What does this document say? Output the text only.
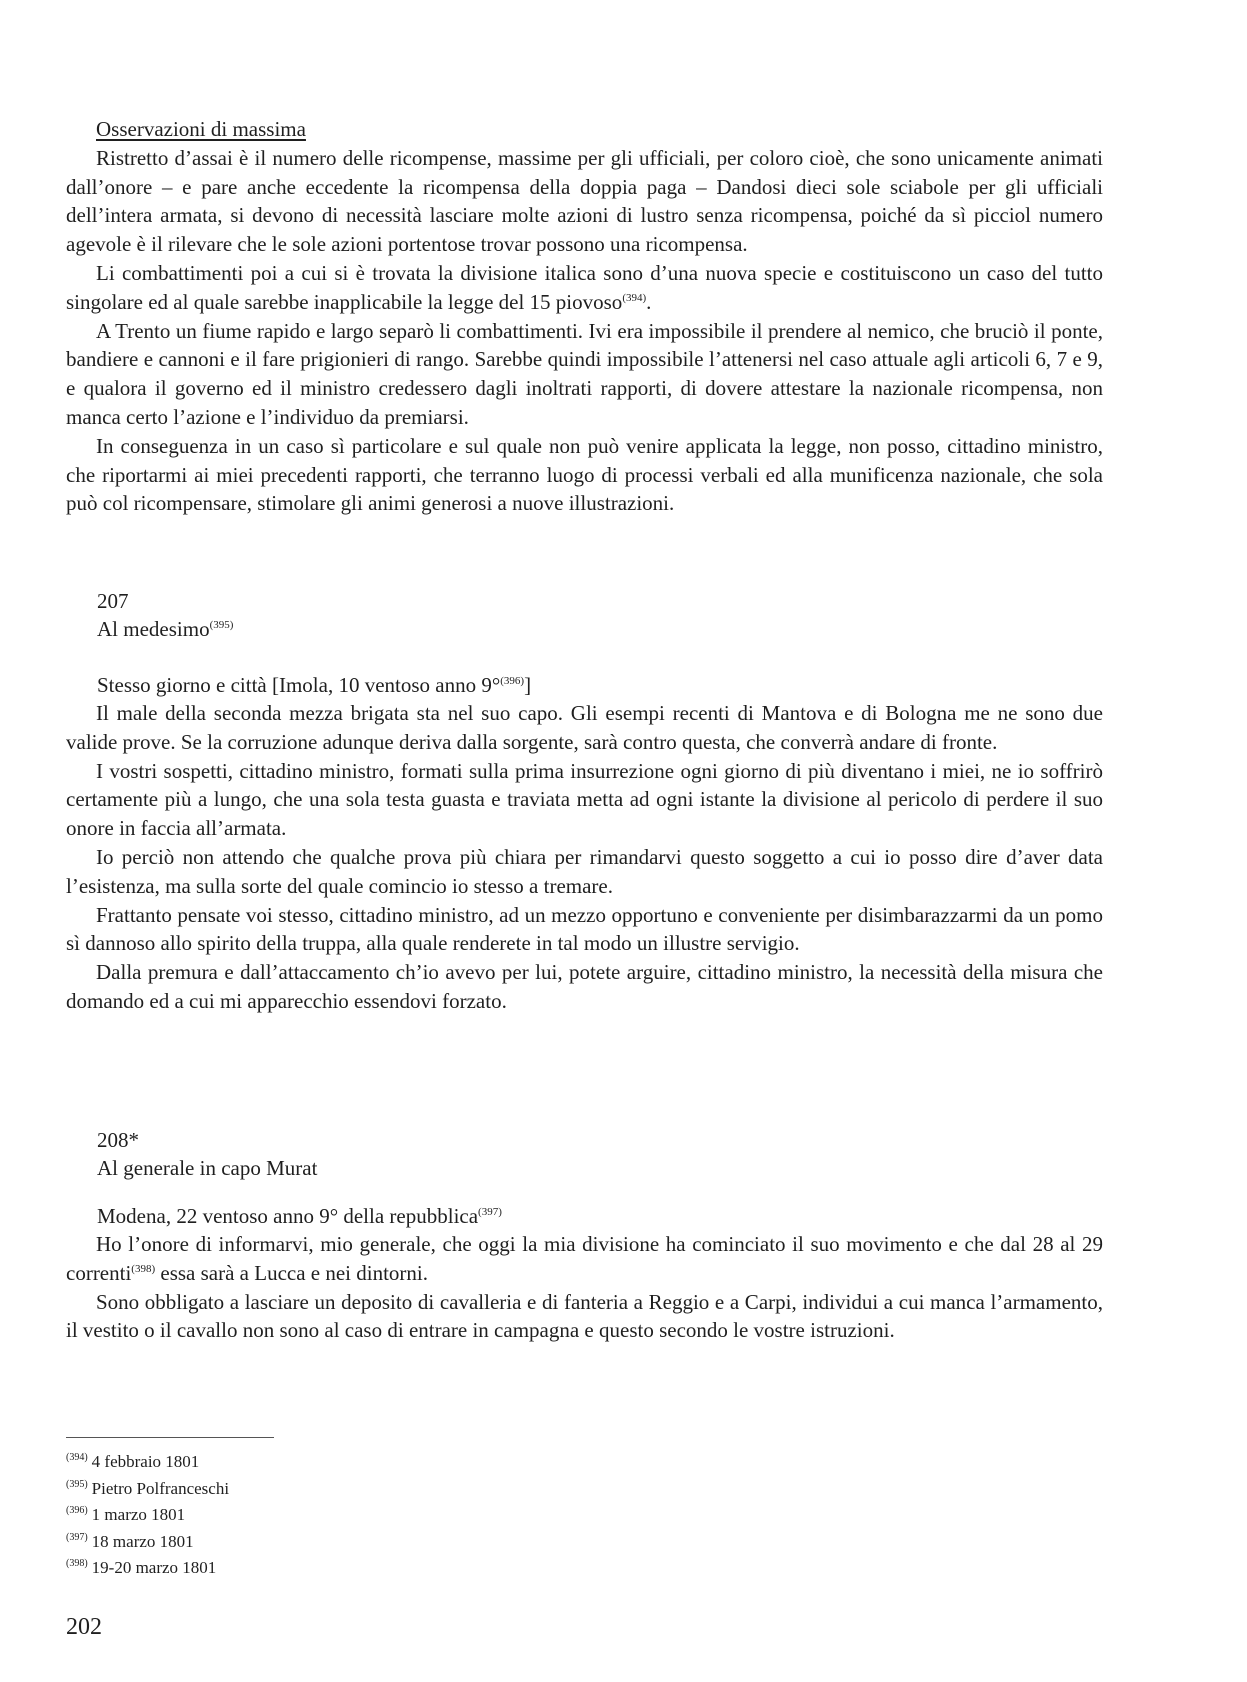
Osservazioni di massima

Ristretto d’assai è il numero delle ricompense, massime per gli ufficiali, per coloro cioè, che sono unicamente animati dall’onore – e pare anche eccedente la ricompensa della doppia paga – Dandosi dieci sole sciabole per gli ufficiali dell’intera armata, si devono di necessità lasciare molte azioni di lustro senza ricompensa, poiché da sì picciol numero agevole è il rilevare che le sole azioni portentose trovar possono una ricompensa.

Li combattimenti poi a cui si è trovata la divisione italica sono d’una nuova specie e costituiscono un caso del tutto singolare ed al quale sarebbe inapplicabile la legge del 15 piovoso$^{(394)}$.

A Trento un fiume rapido e largo separò li combattimenti. Ivi era impossibile il prendere al nemico, che bruciò il ponte, bandiere e cannoni e il fare prigionieri di rango. Sarebbe quindi impossibile l’attenersi nel caso attuale agli articoli 6, 7 e 9, e qualora il governo ed il ministro credessero dagli inoltrati rapporti, di dovere attestare la nazionale ricompensa, non manca certo l’azione e l’individuo da premiarsi.

In conseguenza in un caso sì particolare e sul quale non può venire applicata la legge, non posso, cittadino ministro, che riportarmi ai miei precedenti rapporti, che terranno luogo di processi verbali ed alla munificenza nazionale, che sola può col ricompensare, stimolare gli animi generosi a nuove illustrazioni.

207
Al medesimo$^{(395)}$
Stesso giorno e città [Imola, 10 ventoso anno 9°$^{(396)}$]

Il male della seconda mezza brigata sta nel suo capo. Gli esempi recenti di Mantova e di Bologna me ne sono due valide prove. Se la corruzione adunque deriva dalla sorgente, sarà contro questa, che converrà andare di fronte.

I vostri sospetti, cittadino ministro, formati sulla prima insurrezione ogni giorno di più diventano i miei, ne io soffrirò certamente più a lungo, che una sola testa guasta e traviata metta ad ogni istante la divisione al pericolo di perdere il suo onore in faccia all’armata.

Io perciò non attendo che qualche prova più chiara per rimandarvi questo soggetto a cui io posso dire d’aver data l’esistenza, ma sulla sorte del quale comincio io stesso a tremare.

Frattanto pensate voi stesso, cittadino ministro, ad un mezzo opportuno e conveniente per disimbarazzarmi da un pomo sì dannoso allo spirito della truppa, alla quale renderete in tal modo un illustre servigio.

Dalla premura e dall’attaccamento ch’io avevo per lui, potete arguire, cittadino ministro, la necessità della misura che domando ed a cui mi apparecchio essendovi forzato.

208*
Al generale in capo Murat
Modena, 22 ventoso anno 9° della repubblica$^{(397)}$

Ho l’onore di informarvi, mio generale, che oggi la mia divisione ha cominciato il suo movimento e che dal 28 al 29 correnti$^{(398)}$ essa sarà a Lucca e nei dintorni.

Sono obbligato a lasciare un deposito di cavalleria e di fanteria a Reggio e a Carpi, individui a cui manca l’armamento, il vestito o il cavallo non sono al caso di entrare in campagna e questo secondo le vostre istruzioni.

$^{(394)}$ 4 febbraio 1801
$^{(395)}$ Pietro Polfranceschi
$^{(396)}$ 1 marzo 1801
$^{(397)}$ 18 marzo 1801
$^{(398)}$ 19-20 marzo 1801
202
